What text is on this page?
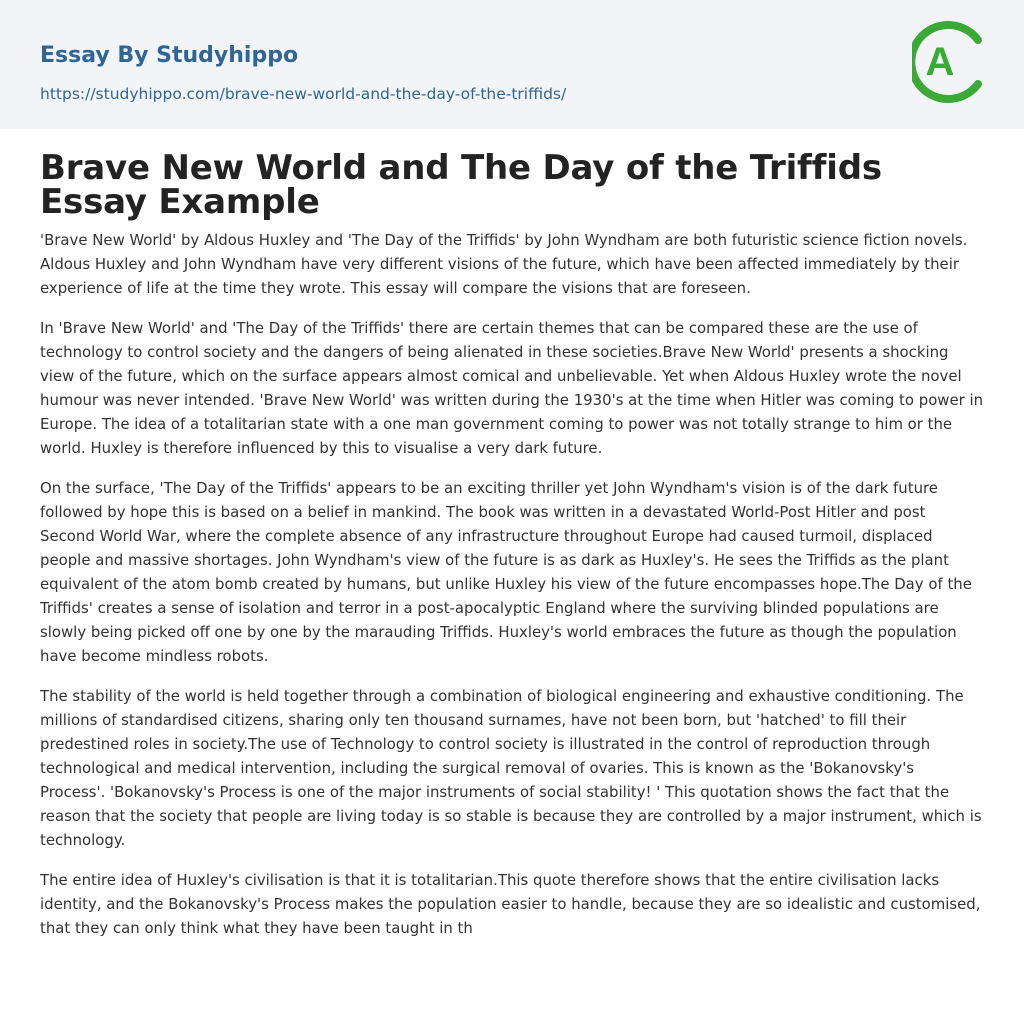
Essay By Studyhippo
https://studyhippo.com/brave-new-world-and-the-day-of-the-triffids/
A
Brave New World and The Day of the Triffids
Essay Example

'Brave New World' by Aldous Huxley and 'The Day of the Triffids' by John Wyndham are both futuristic science fiction novels. Aldous Huxley and John Wyndham have very different visions of the future, which have been affected immediately by their experience of life at the time they wrote. This essay will compare the visions that are foreseen.

In 'Brave New World' and 'The Day of the Triffids' there are certain themes that can be compared these are the use of technology to control society and the dangers of being alienated in these societies.Brave New World' presents a shocking view of the future, which on the surface appears almost comical and unbelievable. Yet when Aldous Huxley wrote the novel humour was never intended. 'Brave New World' was written during the 1930's at the time when Hitler was coming to power in Europe. The idea of a totalitarian state with a one man government coming to power was not totally strange to him or the world. Huxley is therefore influenced by this to visualise a very dark future.

On the surface, 'The Day of the Triffids' appears to be an exciting thriller yet John Wyndham's vision is of the dark future followed by hope this is based on a belief in mankind. The book was written in a devastated World-Post Hitler and post Second World War, where the complete absence of any infrastructure throughout Europe had caused turmoil, displaced people and massive shortages. John Wyndham's view of the future is as dark as Huxley's. He sees the Triffids as the plant equivalent of the atom bomb created by humans, but unlike Huxley his view of the future encompasses hope.The Day of the Triffids' creates a sense of isolation and terror in a post-apocalyptic England where the surviving blinded populations are slowly being picked off one by one by the marauding Triffids. Huxley's world embraces the future as though the population have become mindless robots.

The stability of the world is held together through a combination of biological engineering and exhaustive conditioning. The millions of standardised citizens, sharing only ten thousand surnames, have not been born, but 'hatched' to fill their predestined roles in society.The use of Technology to control society is illustrated in the control of reproduction through technological and medical intervention, including the surgical removal of ovaries. This is known as the 'Bokanovsky's Process'. 'Bokanovsky's Process is one of the major instruments of social stability! ' This quotation shows the fact that the reason that the society that people are living today is so stable is because they are controlled by a major instrument, which is technology.

The entire idea of Huxley's civilisation is that it is totalitarian.This quote therefore shows that the entire civilisation lacks identity, and the Bokanovsky's Process makes the population easier to handle, because they are so idealistic and customised, that they can only think what they have been taught in th
